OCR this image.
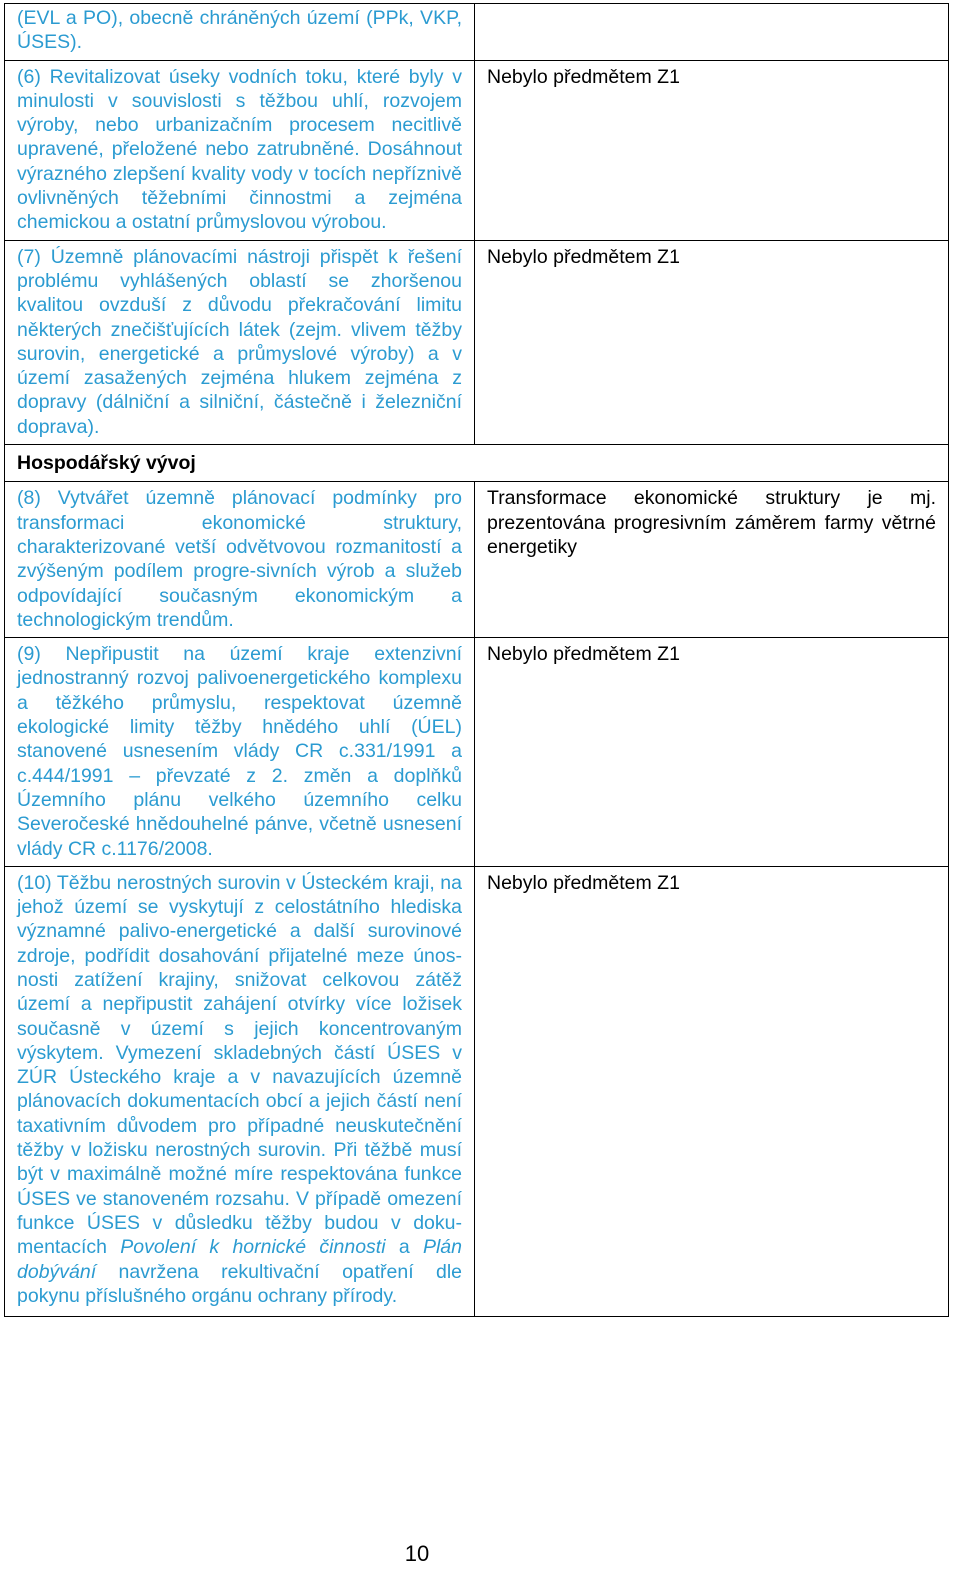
(EVL a PO), obecně chráněných území (PPk, VKP, ÚSES).	
(6) Revitalizovat úseky vodních toku, které byly v minulosti v souvislosti s těžbou uhlí, rozvojem výroby, nebo urbanizačním procesem necitlivě upravené, přeložené nebo zatrubněné. Dosáhnout výrazného zlepšení kvality vody v tocích nepříznivě ovlivněných těžebními činnostmi a zejména chemickou a ostatní průmyslovou výrobou.	Nebylo předmětem Z1
(7) Územně plánovacími nástroji přispět k řešení problému vyhlášených oblastí se zhoršenou kvalitou ovzduší z důvodu překračování limitu některých znečišťujících látek (zejm. vlivem těžby surovin, energetické a průmyslové výroby) a v území zasažených zejména hlukem zejména z dopravy (dálniční a silniční, částečně i železniční doprava).	Nebylo předmětem Z1
Hospodářský vývoj	
(8) Vytvářet územně plánovací podmínky pro transformaci ekonomické struktury, charakterizované vetší odvětvovou rozmanitostí a zvýšeným podílem progre-sivních výrob a služeb odpovídající současným ekonomickým a technologickým trendům.	Transformace ekonomické struktury je mj. prezentována progresivním záměrem farmy větrné energetiky
(9) Nepřipustit na území kraje extenzivní jednostranný rozvoj palivoenergetického komplexu a těžkého průmyslu, respektovat územně ekologické limity těžby hnědého uhlí (ÚEL) stanovené usnesením vlády CR c.331/1991 a c.444/1991 – převzaté z 2. změn a doplňků Územního plánu velkého územního celku Severočeské hnědouhelné pánve, včetně usnesení vlády CR c.1176/2008.	Nebylo předmětem Z1
(10) Těžbu nerostných surovin v Ústeckém kraji, na jehož území se vyskytují z celostátního hlediska významné palivo-energetické a další surovinové zdroje, podřídit dosahování přijatelné meze únos-nosti zatížení krajiny, snižovat celkovou zátěž území a nepřipustit zahájení otvírky více ložisek současně v území s jejich koncentrovaným výskytem. Vymezení skladebných částí ÚSES v ZÚR Ústeckého kraje a v navazujících územně plánovacích dokumentacích obcí a jejich částí není taxativním důvodem pro případné neuskutečnění těžby v ložisku nerostných surovin. Při těžbě musí být v maximálně možné míre respektována funkce ÚSES ve stanoveném rozsahu. V případě omezení funkce ÚSES v důsledku těžby budou v doku-mentacích Povolení k hornické činnosti a Plán dobývání navržena rekultivační opatření dle pokynu příslušného orgánu ochrany přírody.	Nebylo předmětem Z1
10
